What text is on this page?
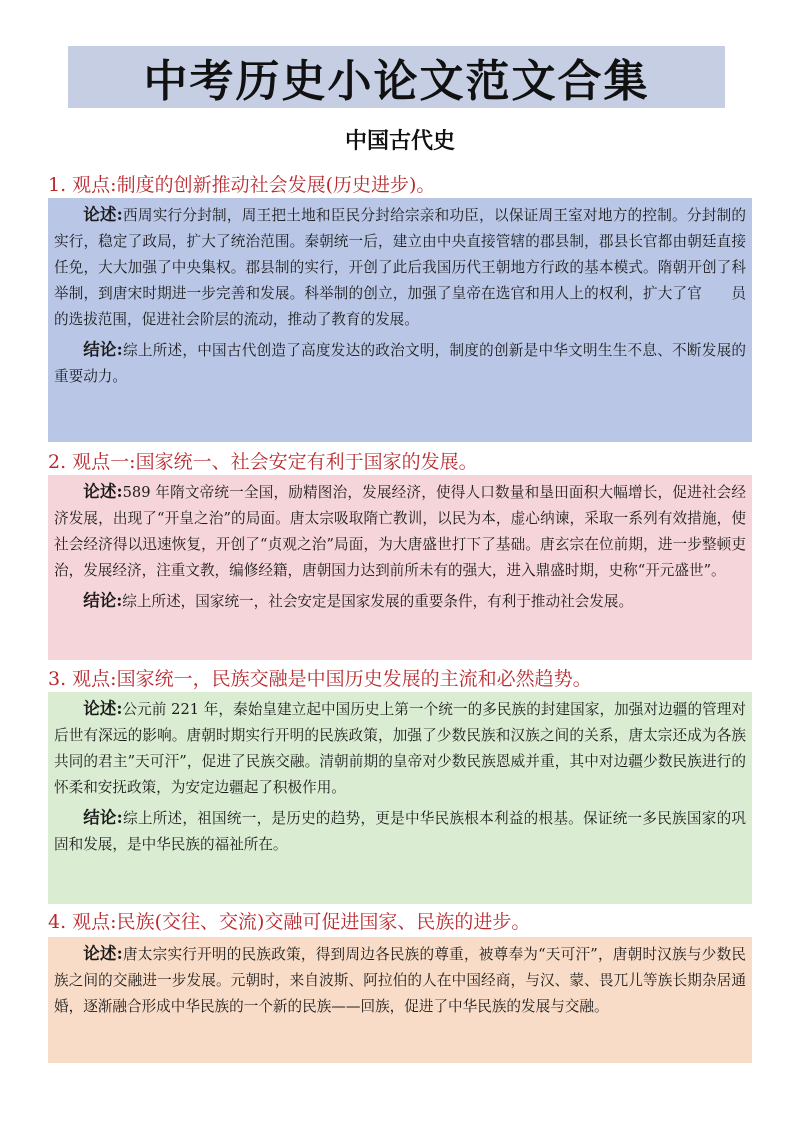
中考历史小论文范文合集
中国古代史
1. 观点:制度的创新推动社会发展(历史进步)。

论述:西周实行分封制，周王把土地和臣民分封给宗亲和功臣，以保证周王室对地方的控制。分封制的实行，稳定了政局，扩大了统治范围。秦朝统一后，建立由中央直接管辖的郡县制，郡县长官都由朝廷直接任免，大大加强了中央集权。郡县制的实行，开创了此后我国历代王朝地方行政的基本模式。隋朝开创了科举制，到唐宋时期进一步完善和发展。科举制的创立，加强了皇帝在选官和用人上的权利，扩大了官　　员的选拔范围，促进社会阶层的流动，推动了教育的发展。

结论:综上所述，中国古代创造了高度发达的政治文明，制度的创新是中华文明生生不息、不断发展的重要动力。

2. 观点一:国家统一、社会安定有利于国家的发展。

论述:589 年隋文帝统一全国，励精图治，发展经济，使得人口数量和垦田面积大幅增长，促进社会经济发展，出现了“开皇之治”的局面。唐太宗吸取隋亡教训，以民为本，虚心纳谏，采取一系列有效措施，使社会经济得以迅速恢复，开创了“贞观之治”局面，为大唐盛世打下了基础。唐玄宗在位前期，进一步整顿吏治，发展经济，注重文教，编修经籍，唐朝国力达到前所未有的强大，进入鼎盛时期，史称“开元盛世”。

结论:综上所述，国家统一，社会安定是国家发展的重要条件，有利于推动社会发展。

3. 观点:国家统一，民族交融是中国历史发展的主流和必然趋势。

论述:公元前 221 年，秦始皇建立起中国历史上第一个统一的多民族的封建国家，加强对边疆的管理对后世有深远的影响。唐朝时期实行开明的民族政策，加强了少数民族和汉族之间的关系，唐太宗还成为各族共同的君主”天可汗”，促进了民族交融。清朝前期的皇帝对少数民族恩威并重，其中对边疆少数民族进行的怀柔和安抚政策，为安定边疆起了积极作用。

结论:综上所述，祖国统一，是历史的趋势，更是中华民族根本利益的根基。保证统一多民族国家的巩固和发展，是中华民族的福祉所在。

4. 观点:民族(交往、交流)交融可促进国家、民族的进步。

论述:唐太宗实行开明的民族政策，得到周边各民族的尊重，被尊奉为“天可汗”，唐朝时汉族与少数民族之间的交融进一步发展。元朝时，来自波斯、阿拉伯的人在中国经商，与汉、蒙、畏兀儿等族长期杂居通婚，逐渐融合形成中华民族的一个新的民族——回族，促进了中华民族的发展与交融。
